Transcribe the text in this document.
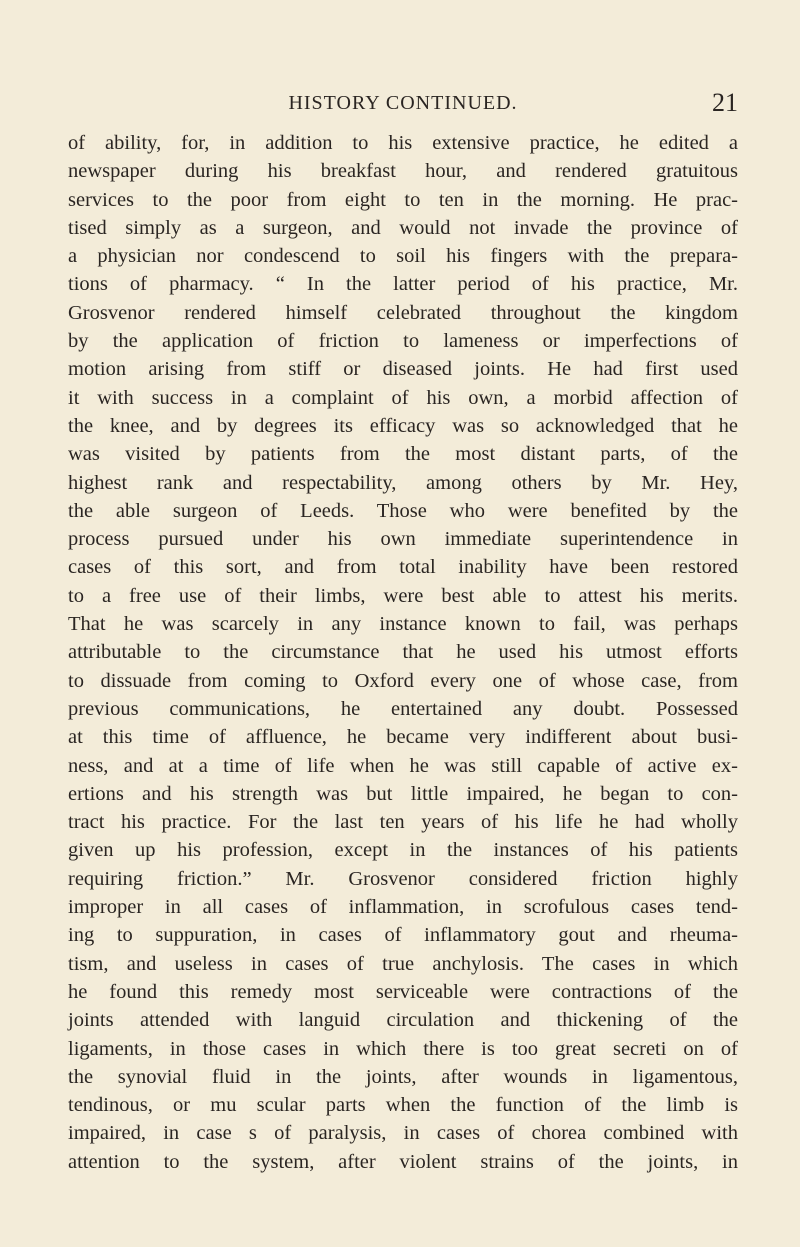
HISTORY CONTINUED.	21
of ability, for, in addition to his extensive practice, he edited a
newspaper during his breakfast hour, and rendered gratuitous
services to the poor from eight to ten in the morning. He prac-
tised simply as a surgeon, and would not invade the province of
a physician nor condescend to soil his fingers with the prepara-
tions of pharmacy. “ In the latter period of his practice, Mr.
Grosvenor rendered himself celebrated throughout the kingdom
by the application of friction to lameness or imperfections of
motion arising from stiff or diseased joints. He had first used
it with success in a complaint of his own, a morbid affection of
the knee, and by degrees its efficacy was so acknowledged that he
was visited by patients from the most distant parts, of the
highest rank and respectability, among others by Mr. Hey,
the able surgeon of Leeds. Those who were benefited by the
process pursued under his own immediate superintendence in
cases of this sort, and from total inability have been restored
to a free use of their limbs, were best able to attest his merits.
That he was scarcely in any instance known to fail, was perhaps
attributable to the circumstance that he used his utmost efforts
to dissuade from coming to Oxford every one of whose case, from
previous communications, he entertained any doubt. Possessed
at this time of affluence, he became very indifferent about busi-
ness, and at a time of life when he was still capable of active ex-
ertions and his strength was but little impaired, he began to con-
tract his practice. For the last ten years of his life he had wholly
given up his profession, except in the instances of his patients
requiring friction.” Mr. Grosvenor considered friction highly
improper in all cases of inflammation, in scrofulous cases tend-
ing to suppuration, in cases of inflammatory gout and rheuma-
tism, and useless in cases of true anchylosis. The cases in which
he found this remedy most serviceable were contractions of the
joints attended with languid circulation and thickening of the
ligaments, in those cases in which there is too great secreti on of
the synovial fluid in the joints, after wounds in ligamentous,
tendinous, or mu scular parts when the function of the limb is
impaired, in case s of paralysis, in cases of chorea combined with
attention to the system, after violent strains of the joints, in
